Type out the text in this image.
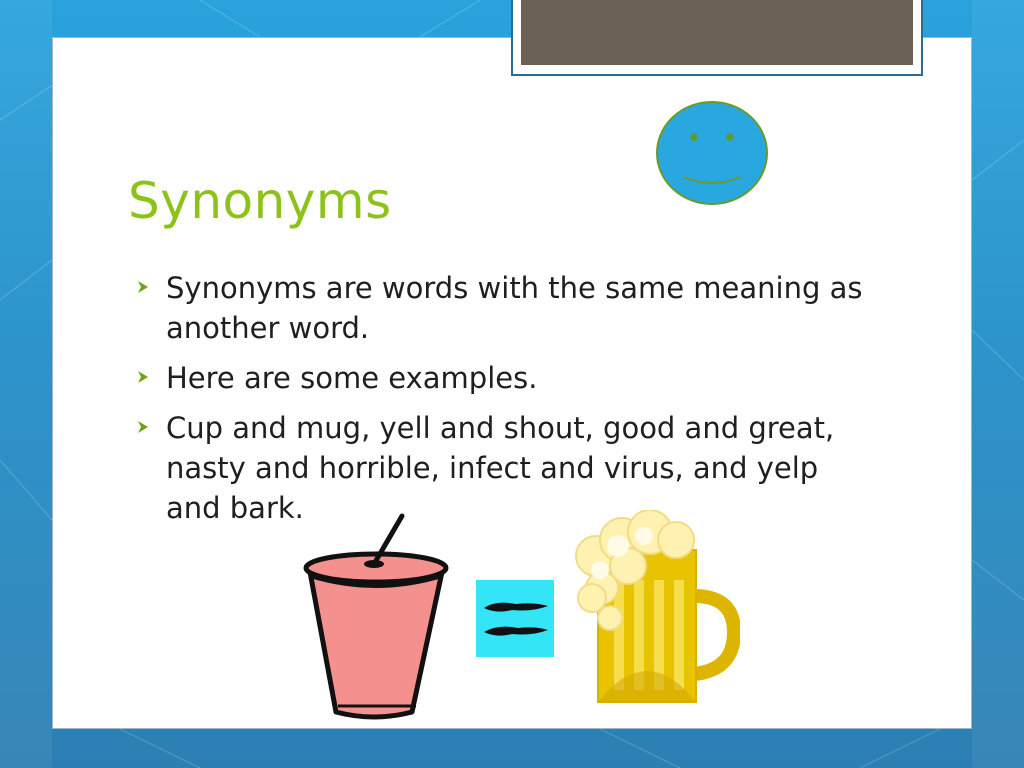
Synonyms
Synonyms are words with the same meaning as another word.
Here are some examples.
Cup and mug, yell and shout, good and great, nasty and horrible, infect and virus, and yelp and bark.
